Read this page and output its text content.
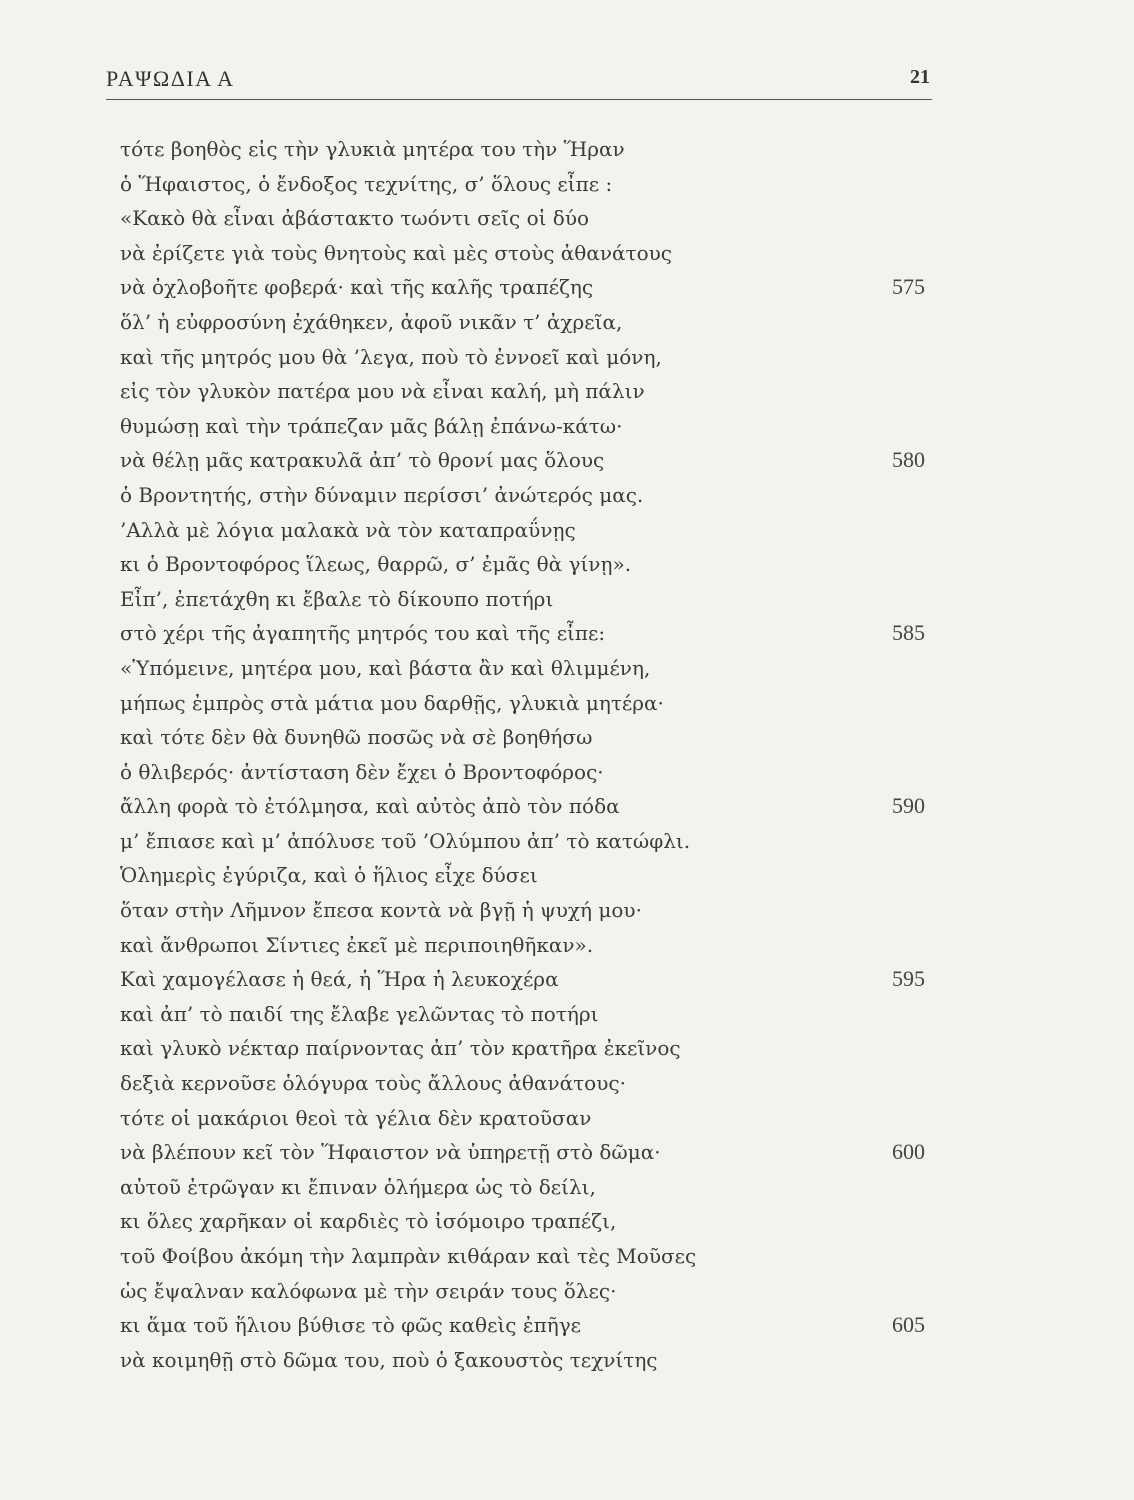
ΡΑΨΩΔΙΑ Α	21
τότε βοηθὸς εἰς τὴν γλυκιὰ μητέρα του τὴν Ἥραν
ὁ Ἥφαιστος, ὁ ἔνδοξος τεχνίτης, σ’ ὅλους εἶπε :
«Κακὸ θὰ εἶναι ἀβάστακτο τωόντι σεῖς οἱ δύο
νὰ ἐρίζετε γιὰ τοὺς θνητοὺς καὶ μὲς στοὺς ἀθανάτους
νὰ ὀχλοβοῆτε φοβερά· καὶ τῆς καλῆς τραπέζης	575
ὅλ’ ἡ εὐφροσύνη ἐχάθηκεν, ἀφοῦ νικᾶν τ’ ἀχρεῖα,
καὶ τῆς μητρός μου θὰ ’λεγα, ποὺ τὸ ἐννοεῖ καὶ μόνη,
εἰς τὸν γλυκὸν πατέρα μου νὰ εἶναι καλή, μὴ πάλιν
θυμώσῃ καὶ τὴν τράπεζαν μᾶς βάλῃ ἐπάνω-κάτω·
νὰ θέλῃ μᾶς κατρακυλᾶ ἀπ’ τὸ θρονί μας ὅλους	580
ὁ Βροντητής, στὴν δύναμιν περίσσι’ ἀνώτερός μας.
’Αλλὰ μὲ λόγια μαλακὰ νὰ τὸν καταπραΰνῃς
κι ὁ Βροντοφόρος ἵλεως, θαρρῶ, σ’ ἐμᾶς θὰ γίνῃ».
Εἶπ’, ἐπετάχθη κι ἔβαλε τὸ δίκουπο ποτήρι
στὸ χέρι τῆς ἀγαπητῆς μητρός του καὶ τῆς εἶπε:	585
«Ὑπόμεινε, μητέρα μου, καὶ βάστα ἂν καὶ θλιμμένη,
μήπως ἐμπρὸς στὰ μάτια μου δαρθῇς, γλυκιὰ μητέρα·
καὶ τότε δὲν θὰ δυνηθῶ ποσῶς νὰ σὲ βοηθήσω
ὁ θλιβερός· ἀντίσταση δὲν ἔχει ὁ Βροντοφόρος·
ἄλλη φορὰ τὸ ἐτόλμησα, καὶ αὐτὸς ἀπὸ τὸν πόδα	590
μ’ ἔπιασε καὶ μ’ ἀπόλυσε τοῦ ’Ολύμπου ἀπ’ τὸ κατώφλι.
Ὁλημερὶς ἐγύριζα, καὶ ὁ ἥλιος εἶχε δύσει
ὅταν στὴν Λῆμνον ἔπεσα κοντὰ νὰ βγῇ ἡ ψυχή μου·
καὶ ἄνθρωποι Σίντιες ἐκεῖ μὲ περιποιηθῆκαν».
Καὶ χαμογέλασε ἡ θεά, ἡ Ἥρα ἡ λευκοχέρα	595
καὶ ἀπ’ τὸ παιδί της ἔλαβε γελῶντας τὸ ποτήρι
καὶ γλυκὸ νέκταρ παίρνοντας ἀπ’ τὸν κρατῆρα ἐκεῖνος
δεξιὰ κερνοῦσε ὁλόγυρα τοὺς ἄλλους ἀθανάτους·
τότε οἱ μακάριοι θεοὶ τὰ γέλια δὲν κρατοῦσαν
νὰ βλέπουν κεῖ τὸν Ἥφαιστον νὰ ὑπηρετῇ στὸ δῶμα·	600
αὐτοῦ ἐτρῶγαν κι ἔπιναν ὁλήμερα ὡς τὸ δείλι,
κι ὅλες χαρῆκαν οἱ καρδιὲς τὸ ἰσόμοιρο τραπέζι,
τοῦ Φοίβου ἀκόμη τὴν λαμπρὰν κιθάραν καὶ τὲς Μοῦσες
ὡς ἔψαλναν καλόφωνα μὲ τὴν σειράν τους ὅλες·
κι ἅμα τοῦ ἥλιου βύθισε τὸ φῶς καθεὶς ἐπῆγε	605
νὰ κοιμηθῇ στὸ δῶμα του, ποὺ ὁ ξακουστὸς τεχνίτης
